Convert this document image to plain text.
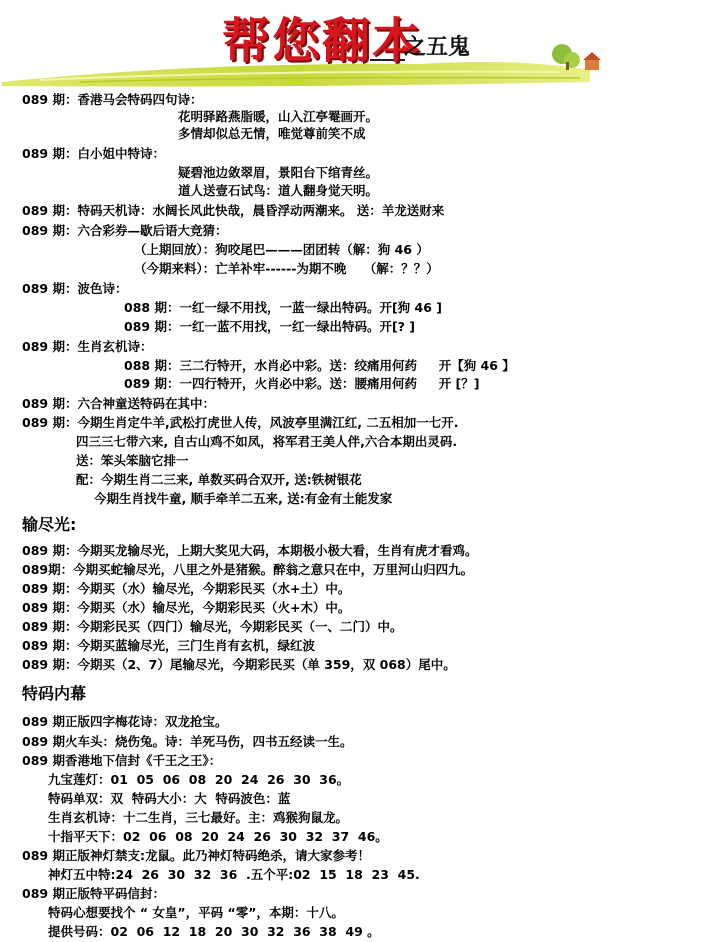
帮您翻本
之五鬼
089 期：香港马会特码四句诗：
花明驿路燕脂暖，山入江亭罨画开。
多情却似总无情，唯觉尊前笑不成
089 期：白小姐中特诗：
疑碧池边敛翠眉，景阳台下绾青丝。
道人送壹石试鸟：道人翻身觉天明。
089 期：特码天机诗：水阔长风此快哉，晨昏浮动两潮来。 送：羊龙送财来
089 期：六合彩券—歇后语大竞猜：
（上期回放）：狗咬尾巴———团团转（解：狗 46 ）
（今期来料）：亡羊补牢------为期不晚    （解：？？）
089 期：波色诗：
088 期：一红一绿不用找，一蓝一绿出特码。开[狗 46 ]
089 期：一红一蓝不用找，一红一绿出特码。开[? ]
089 期：生肖玄机诗：
088 期：三二行特开，水肖必中彩。送：绞痛用何药     开【狗 46 】
089 期：一四行特开，火肖必中彩。送：腰痛用何药     开 [？]
089 期：六合神童送特码在其中：
089 期：今期生肖定牛羊,武松打虎世人传，风波亭里满江红, 二五相加一七开.
四三三七带六来, 自古山鸡不如凤，将军君王美人伴,六合本期出灵码.
送：笨头笨脑它排一
配：今期生肖二三来, 单数买码合双开, 送:铁树银花
今期生肖找牛童, 顺手牵羊二五来, 送:有金有土能发家
输尽光:
089 期：今期买龙输尽光，上期大奖见大码，本期极小极大看，生肖有虎才看鸡。
089期：今期买蛇输尽光，八里之外是猪猴。醉翁之意只在中，万里河山归四九。
089 期：今期买（水）输尽光，今期彩民买（水+土）中。
089 期：今期买（水）输尽光，今期彩民买（火+木）中。
089 期：今期彩民买（四门）输尽光，今期彩民买（一、二门）中。
089 期：今期买蓝输尽光，三门生肖有玄机，绿红波
089 期：今期买（2、7）尾输尽光，今期彩民买（单 359，双 068）尾中。
特码内幕
089 期正版四字梅花诗：双龙抢宝。
089 期火车头：烧伤兔。诗：羊死马伤，四书五经读一生。
089 期香港地下信封《千王之王》：
九宝莲灯：01  05  06  08  20  24  26  30  36。
特码单双：双  特码大小：大  特码波色：蓝
生肖玄机诗：十二生肖，三七最好。主：鸡猴狗鼠龙。
十指平天下：02  06  08  20  24  26  30  32  37  46。
089 期正版神灯禁支:龙鼠。此乃神灯特码绝杀，请大家参考！
神灯五中特:24  26  30  32  36  .五个平:02  15  18  23  45.
089 期正版特平码信封：
特码心想要找个 “ 女皇”，平码 “零”，本期：十八。
提供号码：02  06  12  18  20  30  32  36  38  49 。
